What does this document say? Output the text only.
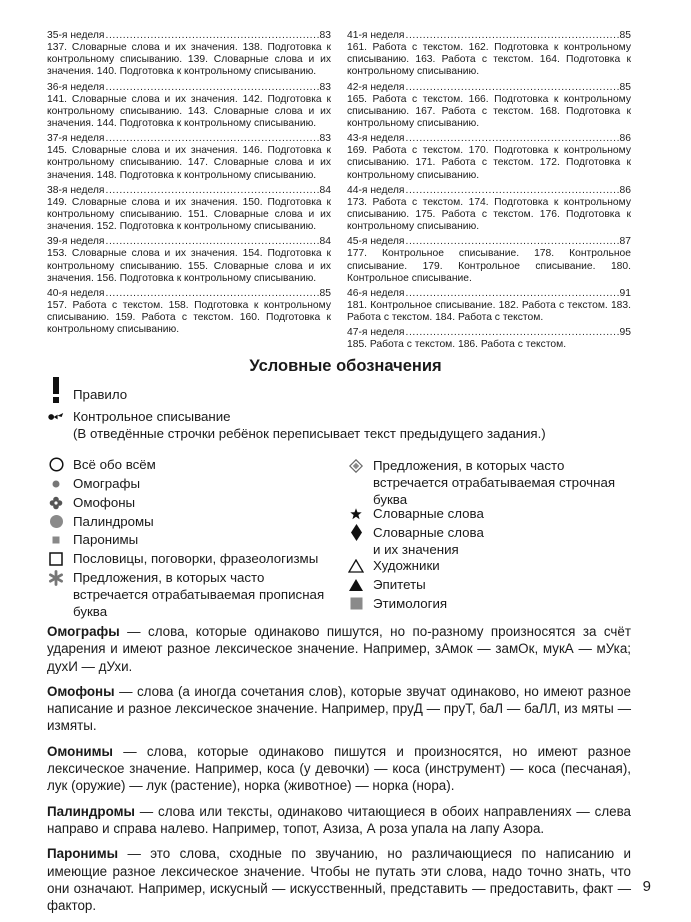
35-я неделя .....	83
137. Словарные слова и их значения. 138. Подготовка к контрольному списыванию. 139. Словарные слова и их значения. 140. Подготовка к контрольному списыванию.
36-я неделя .....	83
141. Словарные слова и их значения. 142. Подготовка к контрольному списыванию. 143. Словарные слова и их значения. 144. Подготовка к контрольному списыванию.
37-я неделя .....	83
145. Словарные слова и их значения. 146. Подготовка к контрольному списыванию. 147. Словарные слова и их значения. 148. Подготовка к контрольному списыванию.
38-я неделя .....	84
149. Словарные слова и их значения. 150. Подготовка к контрольному списыванию. 151. Словарные слова и их значения. 152. Подготовка к контрольному списыванию.
39-я неделя .....	84
153. Словарные слова и их значения. 154. Подготовка к контрольному списыванию. 155. Словарные слова и их значения. 156. Подготовка к контрольному списыванию.
40-я неделя .....	85
157. Работа с текстом. 158. Подготовка к контрольному списыванию. 159. Работа с текстом. 160. Подготовка к контрольному списыванию.
41-я неделя .....	85
161. Работа с текстом. 162. Подготовка к контрольному списыванию. 163. Работа с текстом. 164. Подготовка к контрольному списыванию.
42-я неделя .....	85
165. Работа с текстом. 166. Подготовка к контрольному списыванию. 167. Работа с текстом. 168. Подготовка к контрольному списыванию.
43-я неделя .....	86
169. Работа с текстом. 170. Подготовка к контрольному списыванию. 171. Работа с текстом. 172. Подготовка к контрольному списыванию.
44-я неделя .....	86
173. Работа с текстом. 174. Подготовка к контрольному списыванию. 175. Работа с текстом. 176. Подготовка к контрольному списыванию.
45-я неделя .....	87
177. Контрольное списывание. 178. Контрольное списывание. 179. Контрольное списывание. 180. Контрольное списывание.
46-я неделя .....	91
181. Контрольное списывание. 182. Работа с текстом. 183. Работа с текстом. 184. Работа с текстом.
47-я неделя .....	95
185. Работа с текстом. 186. Работа с текстом.
Условные обозначения
Правило
Контрольное списывание
(В отведённые строчки ребёнок переписывает текст предыдущего задания.)
Всё обо всём
Омографы
Омофоны
Палиндромы
Паронимы
Пословицы, поговорки, фразеологизмы
Предложения, в которых часто
встречается отрабатываемая прописная
буква
Предложения, в которых часто
встречается отрабатываемая строчная
буква
Словарные слова
Словарные слова
и их значения
Художники
Эпитеты
Этимология

Омографы — слова, которые одинаково пишутся, но по-разному произносятся за счёт ударения и имеют разное лексическое значение. Например, зАмок — замОк, мукА — мУка; духИ — дУхи.

Омофоны — слова (а иногда сочетания слов), которые звучат одинаково, но имеют разное написание и разное лексическое значение. Например, пруД — пруТ, баЛ — баЛЛ, из мяты — измяты.

Омонимы — слова, которые одинаково пишутся и произносятся, но имеют разное лексическое значение. Например, коса (у девочки) — коса (инструмент) — коса (песчаная), лук (оружие) — лук (растение), норка (животное) — норка (нора).

Палиндромы — слова или тексты, одинаково читающиеся в обоих направлениях — слева направо и справа налево. Например, топот, Азиза, А роза упала на лапу Азора.

Паронимы — это слова, сходные по звучанию, но различающиеся по написанию и имеющие разное лексическое значение. Чтобы не путать эти слова, надо точно знать, что они означают. Например, искусный — искусственный, представить — предоставить, факт — фактор.

9
